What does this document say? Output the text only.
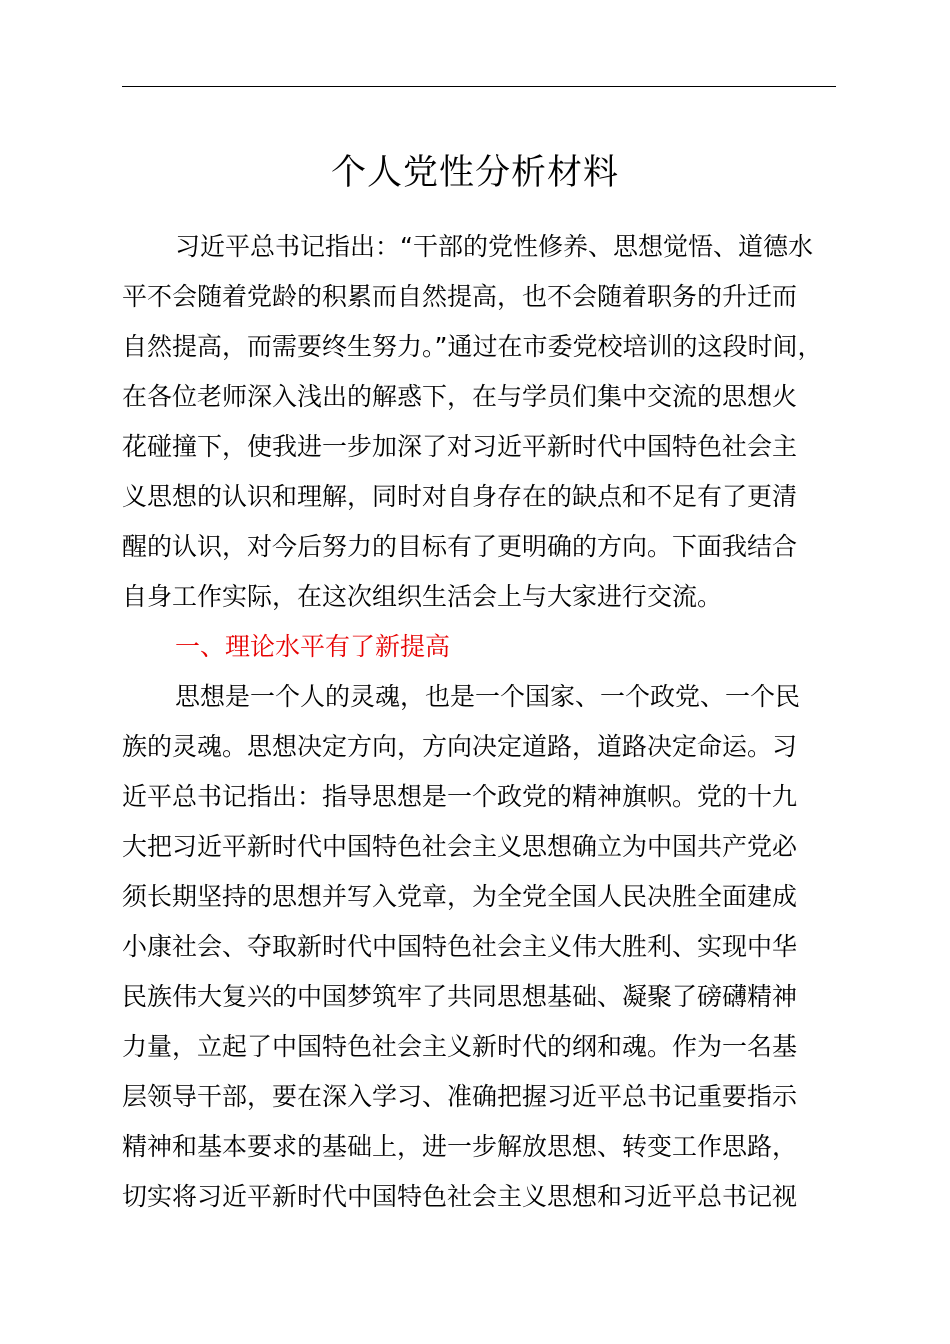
个人党性分析材料
习近平总书记指出：“干部的党性修养、思想觉悟、道德水
平不会随着党龄的积累而自然提高，也不会随着职务的升迁而
自然提高，而需要终生努力。”通过在市委党校培训的这段时间，
在各位老师深入浅出的解惑下，在与学员们集中交流的思想火
花碰撞下，使我进一步加深了对习近平新时代中国特色社会主
义思想的认识和理解，同时对自身存在的缺点和不足有了更清
醒的认识，对今后努力的目标有了更明确的方向。下面我结合
自身工作实际，在这次组织生活会上与大家进行交流。
一、理论水平有了新提高
思想是一个人的灵魂，也是一个国家、一个政党、一个民
族的灵魂。思想决定方向，方向决定道路，道路决定命运。习
近平总书记指出：指导思想是一个政党的精神旗帜。党的十九
大把习近平新时代中国特色社会主义思想确立为中国共产党必
须长期坚持的思想并写入党章，为全党全国人民决胜全面建成
小康社会、夺取新时代中国特色社会主义伟大胜利、实现中华
民族伟大复兴的中国梦筑牢了共同思想基础、凝聚了磅礴精神
力量，立起了中国特色社会主义新时代的纲和魂。作为一名基
层领导干部，要在深入学习、准确把握习近平总书记重要指示
精神和基本要求的基础上，进一步解放思想、转变工作思路，
切实将习近平新时代中国特色社会主义思想和习近平总书记视
